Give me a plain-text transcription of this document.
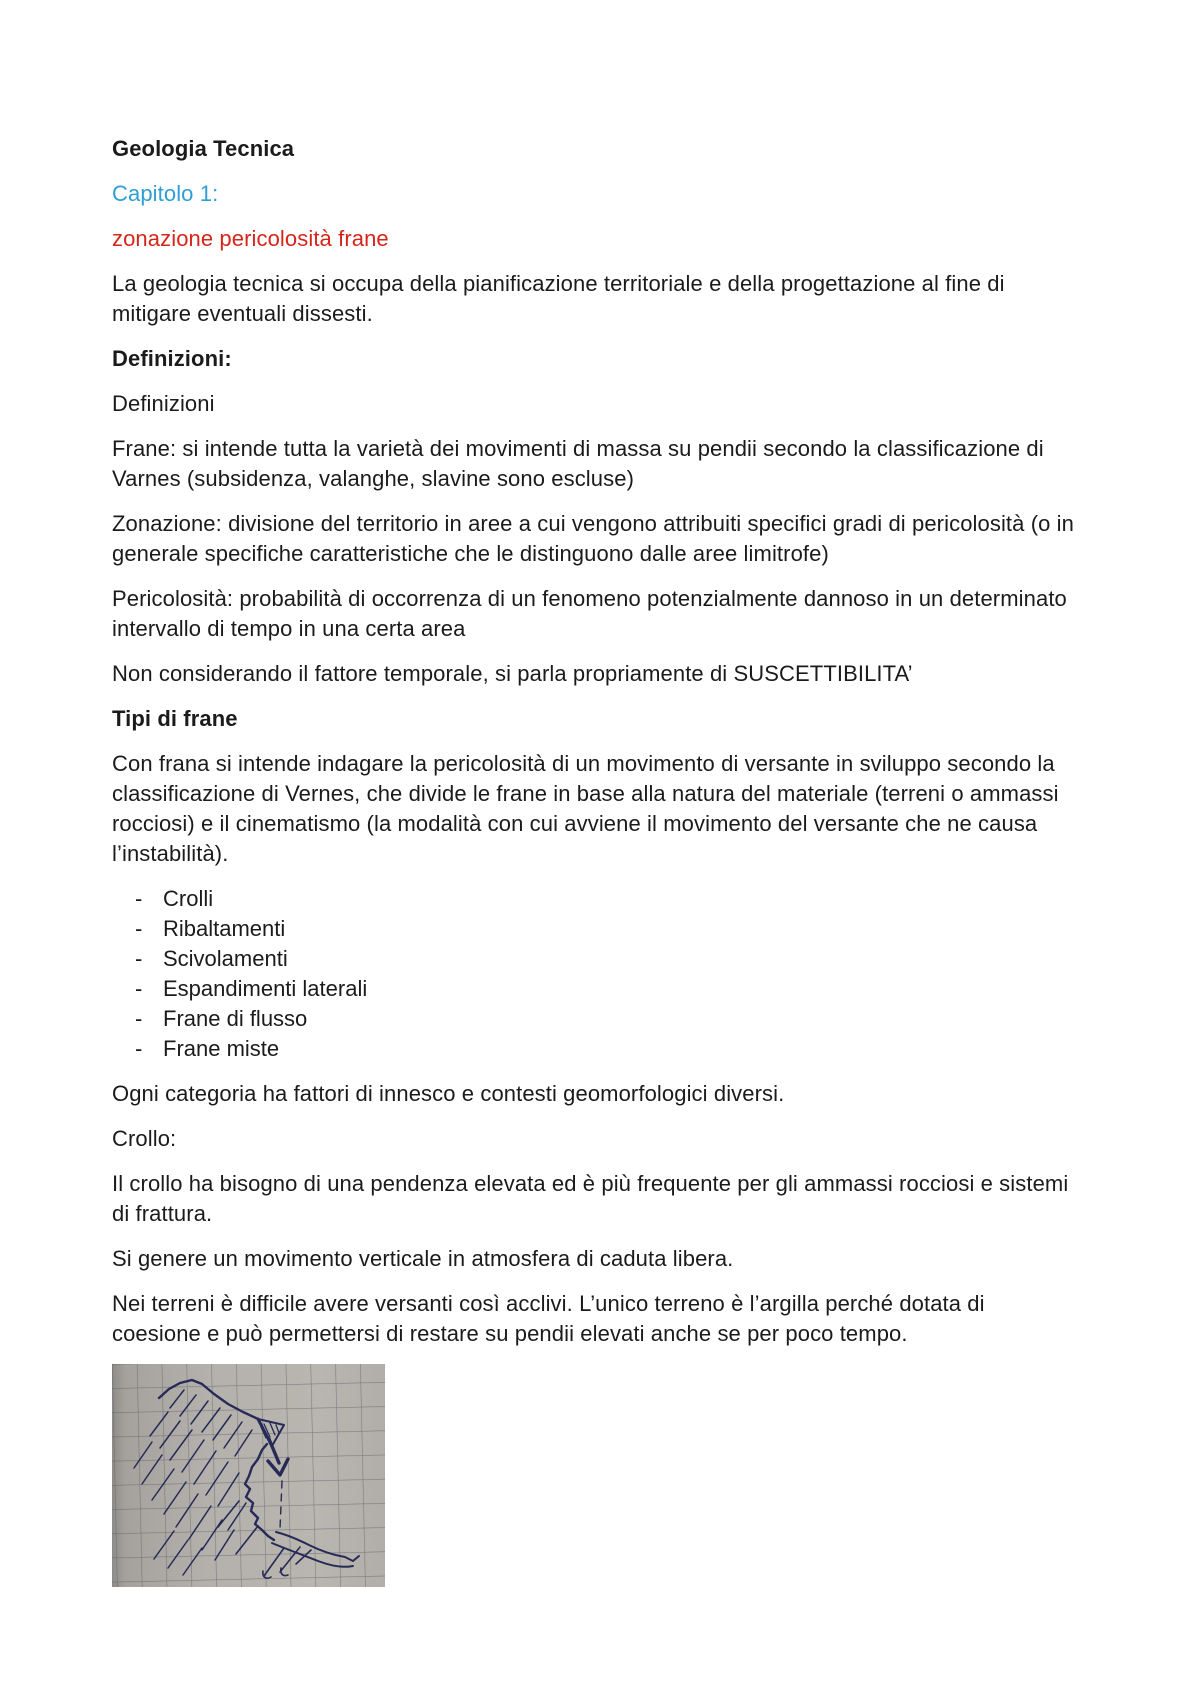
Geologia Tecnica

Capitolo 1:

zonazione pericolosità frane

La geologia tecnica si occupa della pianificazione territoriale e della progettazione al fine di mitigare eventuali dissesti.

Definizioni:

Definizioni

Frane: si intende tutta la varietà dei movimenti di massa su pendii secondo la classificazione di Varnes (subsidenza, valanghe, slavine sono escluse)

Zonazione: divisione del territorio in aree a cui vengono attribuiti specifici gradi di pericolosità (o in generale specifiche caratteristiche che le distinguono dalle aree limitrofe)

Pericolosità: probabilità di occorrenza di un fenomeno potenzialmente dannoso in un determinato intervallo di tempo in una certa area

Non considerando il fattore temporale, si parla propriamente di SUSCETTIBILITA’

Tipi di frane

Con frana si intende indagare la pericolosità di un movimento di versante in sviluppo secondo la classificazione di Vernes, che divide le frane in base alla natura del materiale (terreni o ammassi rocciosi) e il cinematismo (la modalità con cui avviene il movimento del versante che ne causa l’instabilità).

- Crolli
- Ribaltamenti
- Scivolamenti
- Espandimenti laterali
- Frane di flusso
- Frane miste

Ogni categoria ha fattori di innesco e contesti geomorfologici diversi.

Crollo:

Il crollo ha bisogno di una pendenza elevata ed è più frequente per gli ammassi rocciosi e sistemi di frattura.

Si genere un movimento verticale in atmosfera di caduta libera.

Nei terreni è difficile avere versanti così acclivi. L’unico terreno è l’argilla perché dotata di coesione e può permettersi di restare su pendii elevati anche se per poco tempo.
